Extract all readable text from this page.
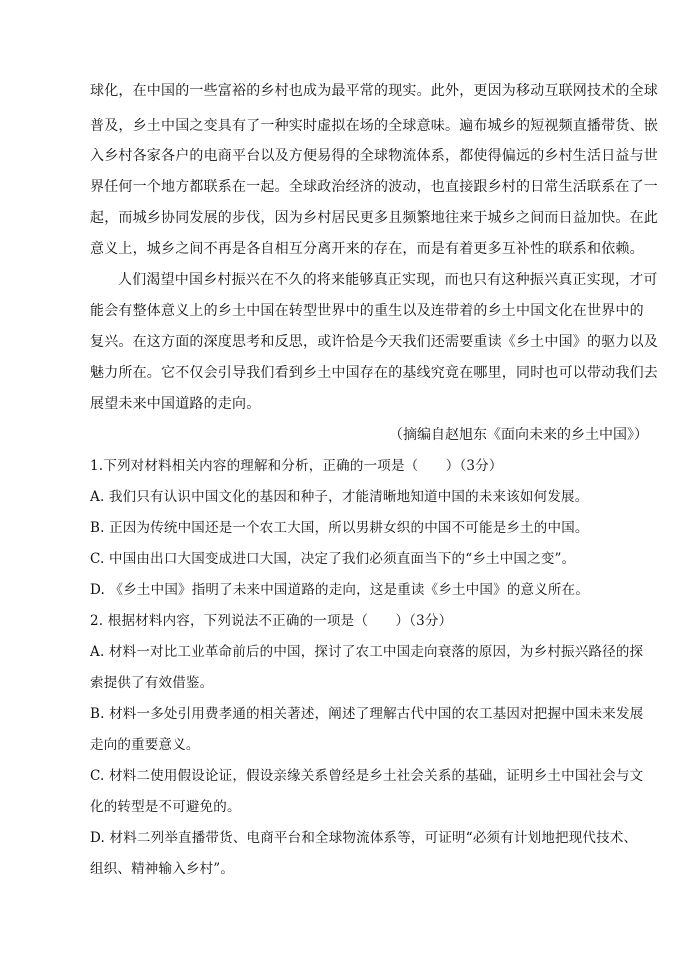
球化，在中国的一些富裕的乡村也成为最平常的现实。此外，更因为移动互联网技术的全球
普及，乡土中国之变具有了一种实时虚拟在场的全球意味。遍布城乡的短视频直播带货、嵌
入乡村各家各户的电商平台以及方便易得的全球物流体系，都使得偏远的乡村生活日益与世
界任何一个地方都联系在一起。全球政治经济的波动，也直接跟乡村的日常生活联系在了一
起，而城乡协同发展的步伐，因为乡村居民更多且频繁地往来于城乡之间而日益加快。在此
意义上，城乡之间不再是各自相互分离开来的存在，而是有着更多互补性的联系和依赖。
人们渴望中国乡村振兴在不久的将来能够真正实现，而也只有这种振兴真正实现，才可
能会有整体意义上的乡土中国在转型世界中的重生以及连带着的乡土中国文化在世界中的
复兴。在这方面的深度思考和反思，或许恰是今天我们还需要重读《乡土中国》的驱力以及
魅力所在。它不仅会引导我们看到乡土中国存在的基线究竟在哪里，同时也可以带动我们去
展望未来中国道路的走向。
（摘编自赵旭东《面向未来的乡土中国》）
1.下列对材料相关内容的理解和分析，正确的一项是（　　）（3分）
A. 我们只有认识中国文化的基因和种子，才能清晰地知道中国的未来该如何发展。
B. 正因为传统中国还是一个农工大国，所以男耕女织的中国不可能是乡土的中国。
C. 中国由出口大国变成进口大国，决定了我们必须直面当下的“乡土中国之变”。
D. 《乡土中国》指明了未来中国道路的走向，这是重读《乡土中国》的意义所在。
2. 根据材料内容，下列说法不正确的一项是（　　）（3分）
A. 材料一对比工业革命前后的中国，探讨了农工中国走向衰落的原因，为乡村振兴路径的探
索提供了有效借鉴。
B. 材料一多处引用费孝通的相关著述，阐述了理解古代中国的农工基因对把握中国未来发展
走向的重要意义。
C. 材料二使用假设论证，假设亲缘关系曾经是乡土社会关系的基础，证明乡土中国社会与文
化的转型是不可避免的。
D. 材料二列举直播带货、电商平台和全球物流体系等，可证明“必须有计划地把现代技术、
组织、精神输入乡村”。
